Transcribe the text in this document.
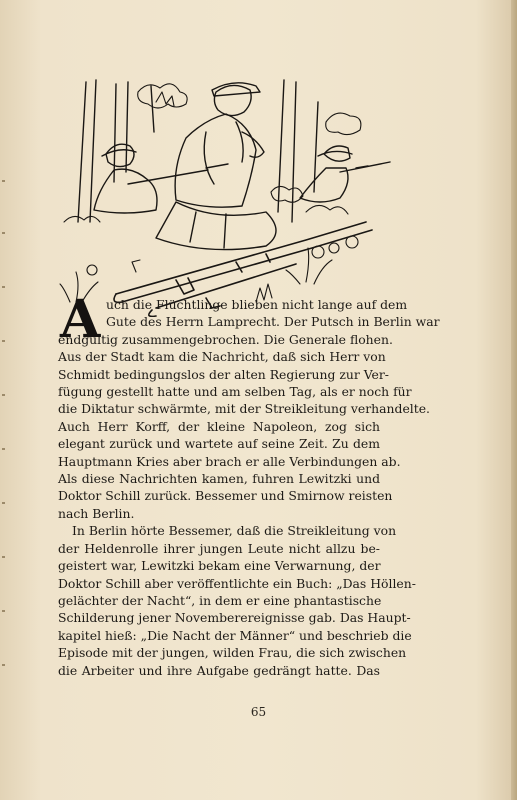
A uch die Flüchtlinge blieben nicht lange auf dem
Gute des Herrn Lamprecht. Der Putsch in Berlin war
endgültig zusammengebrochen. Die Generale flohen.
Aus der Stadt kam die Nachricht, daß sich Herr von
Schmidt bedingungslos der alten Regierung zur Ver-
fügung gestellt hatte und am selben Tag, als er noch für
die Diktatur schwärmte, mit der Streikleitung verhandelte.
Auch Herr Korff, der kleine Napoleon, zog sich
elegant zurück und wartete auf seine Zeit. Zu dem
Hauptmann Kries aber brach er alle Verbindungen ab.
Als diese Nachrichten kamen, fuhren Lewitzki und
Doktor Schill zurück. Bessemer und Smirnow reisten
nach Berlin.
In Berlin hörte Bessemer, daß die Streikleitung von
der Heldenrolle ihrer jungen Leute nicht allzu be-
geistert war, Lewitzki bekam eine Verwarnung, der
Doktor Schill aber veröffentlichte ein Buch: „Das Höllen-
gelächter der Nacht“, in dem er eine phantastische
Schilderung jener Novemberereignisse gab. Das Haupt-
kapitel hieß: „Die Nacht der Männer“ und beschrieb die
Episode mit der jungen, wilden Frau, die sich zwischen
die Arbeiter und ihre Aufgabe gedrängt hatte. Das
65
